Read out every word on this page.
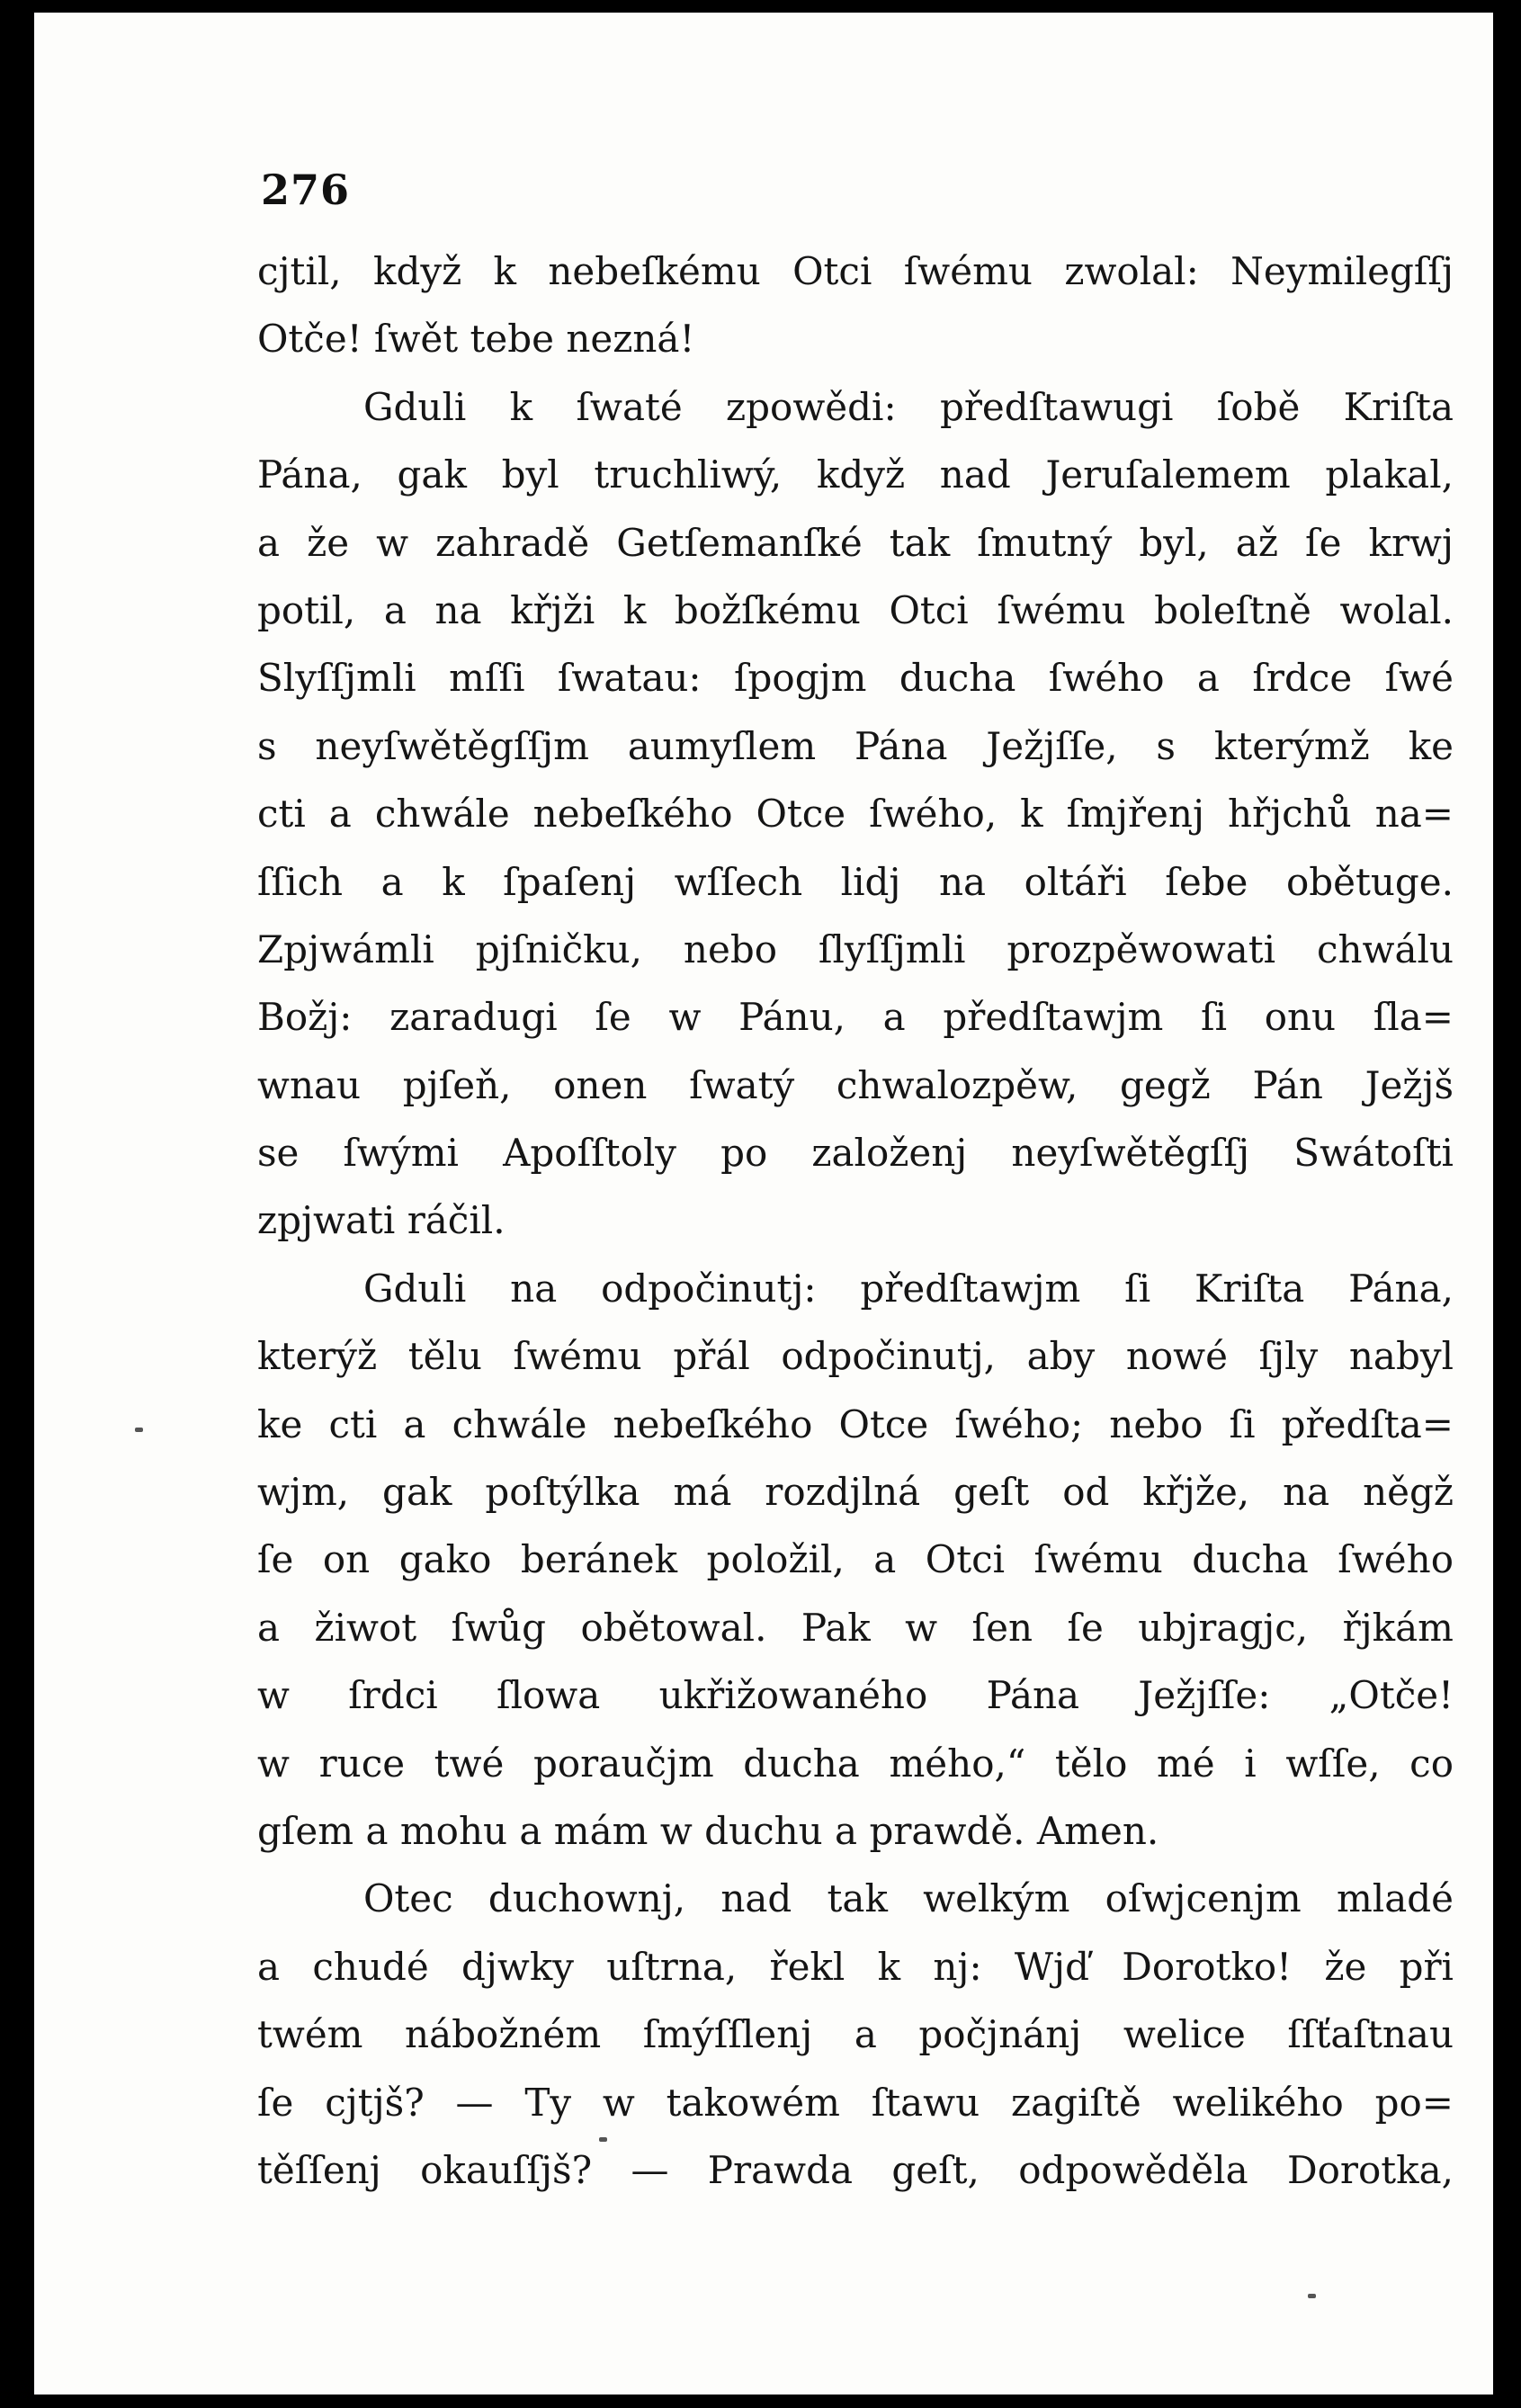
276
cjtil, když k nebeſkému Otci ſwému zwolal: Neymilegſſj
Otče! ſwět tebe nezná!
Gduli k ſwaté zpowědi: předſtawugi ſobě Kriſta
Pána, gak byl truchliwý, když nad Jeruſalemem plakal,
a že w zahradě Getſemanſké tak ſmutný byl, až ſe krwj
potil, a na křjži k božſkému Otci ſwému boleſtně wolal.
Slyſſjmli mſſi ſwatau: ſpogjm ducha ſwého a ſrdce ſwé
s neyſwětěgſſjm aumyſlem Pána Ježjſſe, s kterýmž ke
cti a chwále nebeſkého Otce ſwého, k ſmjřenj hřjchů na=
ſſich a k ſpaſenj wſſech lidj na oltáři ſebe obětuge.
Zpjwámli pjſničku, nebo ſlyſſjmli prozpěwowati chwálu
Božj: zaradugi ſe w Pánu, a předſtawjm ſi onu ſla=
wnau pjſeň, onen ſwatý chwalozpěw, gegž Pán Ježjš
se ſwými Apoſſtoly po založenj neyſwětěgſſj Swátoſti
zpjwati ráčil.
Gduli na odpočinutj: předſtawjm ſi Kriſta Pána,
kterýž tělu ſwému přál odpočinutj, aby nowé ſjly nabyl
ke cti a chwále nebeſkého Otce ſwého; nebo ſi předſta=
wjm, gak poſtýlka má rozdjlná geſt od křjže, na něgž
ſe on gako beránek položil, a Otci ſwému ducha ſwého
a žiwot ſwůg obětowal. Pak w ſen ſe ubjragjc, řjkám
w ſrdci ſlowa ukřižowaného Pána Ježjſſe: „Otče!
w ruce twé poraučjm ducha mého,“ tělo mé i wſſe, co
gſem a mohu a mám w duchu a prawdě. Amen.
Otec duchownj, nad tak welkým oſwjcenjm mladé
a chudé djwky uſtrna, řekl k nj: Wjď Dorotko! že při
twém nábožném ſmýſſlenj a počjnánj welice ſſťaſtnau
ſe cjtjš? — Ty w takowém ſtawu zagiſtě welikého po=
těſſenj okauſſjš? — Prawda geſt, odpowěděla Dorotka,
